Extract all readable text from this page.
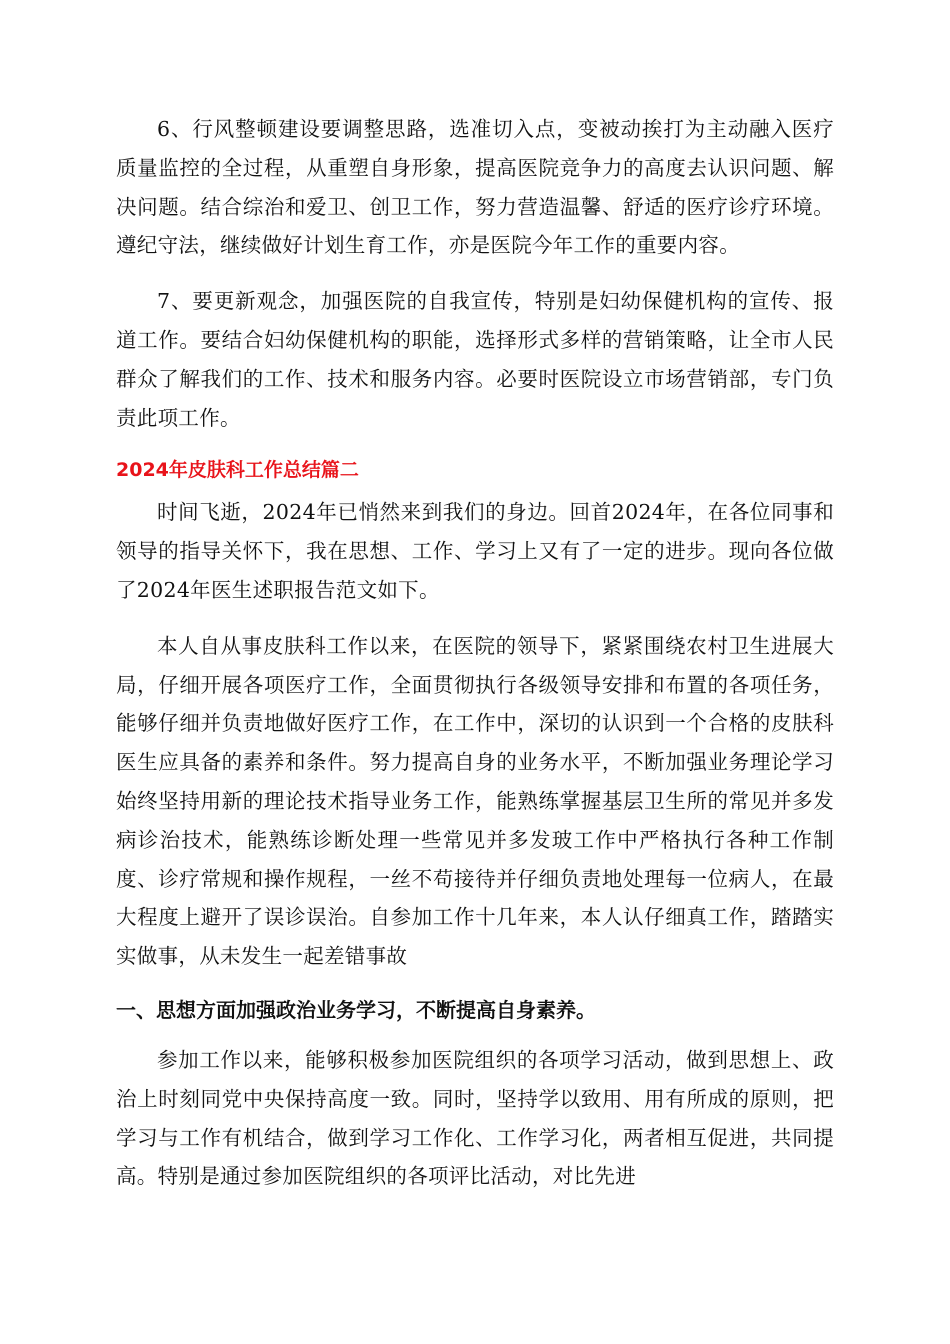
6、行风整顿建设要调整思路，选准切入点，变被动挨打为主动融入医疗质量监控的全过程，从重塑自身形象，提高医院竞争力的高度去认识问题、解决问题。结合综治和爱卫、创卫工作，努力营造温馨、舒适的医疗诊疗环境。遵纪守法，继续做好计划生育工作，亦是医院今年工作的重要内容。

7、要更新观念，加强医院的自我宣传，特别是妇幼保健机构的宣传、报道工作。要结合妇幼保健机构的职能，选择形式多样的营销策略，让全市人民群众了解我们的工作、技术和服务内容。必要时医院设立市场营销部，专门负责此项工作。

2024年皮肤科工作总结篇二

时间飞逝，2024年已悄然来到我们的身边。回首2024年，在各位同事和领导的指导关怀下，我在思想、工作、学习上又有了一定的进步。现向各位做了2024年医生述职报告范文如下。

本人自从事皮肤科工作以来，在医院的领导下，紧紧围绕农村卫生进展大局，仔细开展各项医疗工作，全面贯彻执行各级领导安排和布置的各项任务，能够仔细并负责地做好医疗工作，在工作中，深切的认识到一个合格的皮肤科医生应具备的素养和条件。努力提高自身的业务水平，不断加强业务理论学习始终坚持用新的理论技术指导业务工作，能熟练掌握基层卫生所的常见并多发病诊治技术，能熟练诊断处理一些常见并多发玻工作中严格执行各种工作制度、诊疗常规和操作规程，一丝不苟接待并仔细负责地处理每一位病人，在最大程度上避开了误诊误治。自参加工作十几年来，本人认仔细真工作，踏踏实实做事，从未发生一起差错事故

一、思想方面加强政治业务学习，不断提高自身素养。

参加工作以来，能够积极参加医院组织的各项学习活动，做到思想上、政治上时刻同党中央保持高度一致。同时，坚持学以致用、用有所成的原则，把学习与工作有机结合，做到学习工作化、工作学习化，两者相互促进，共同提高。特别是通过参加医院组织的各项评比活动，对比先进
